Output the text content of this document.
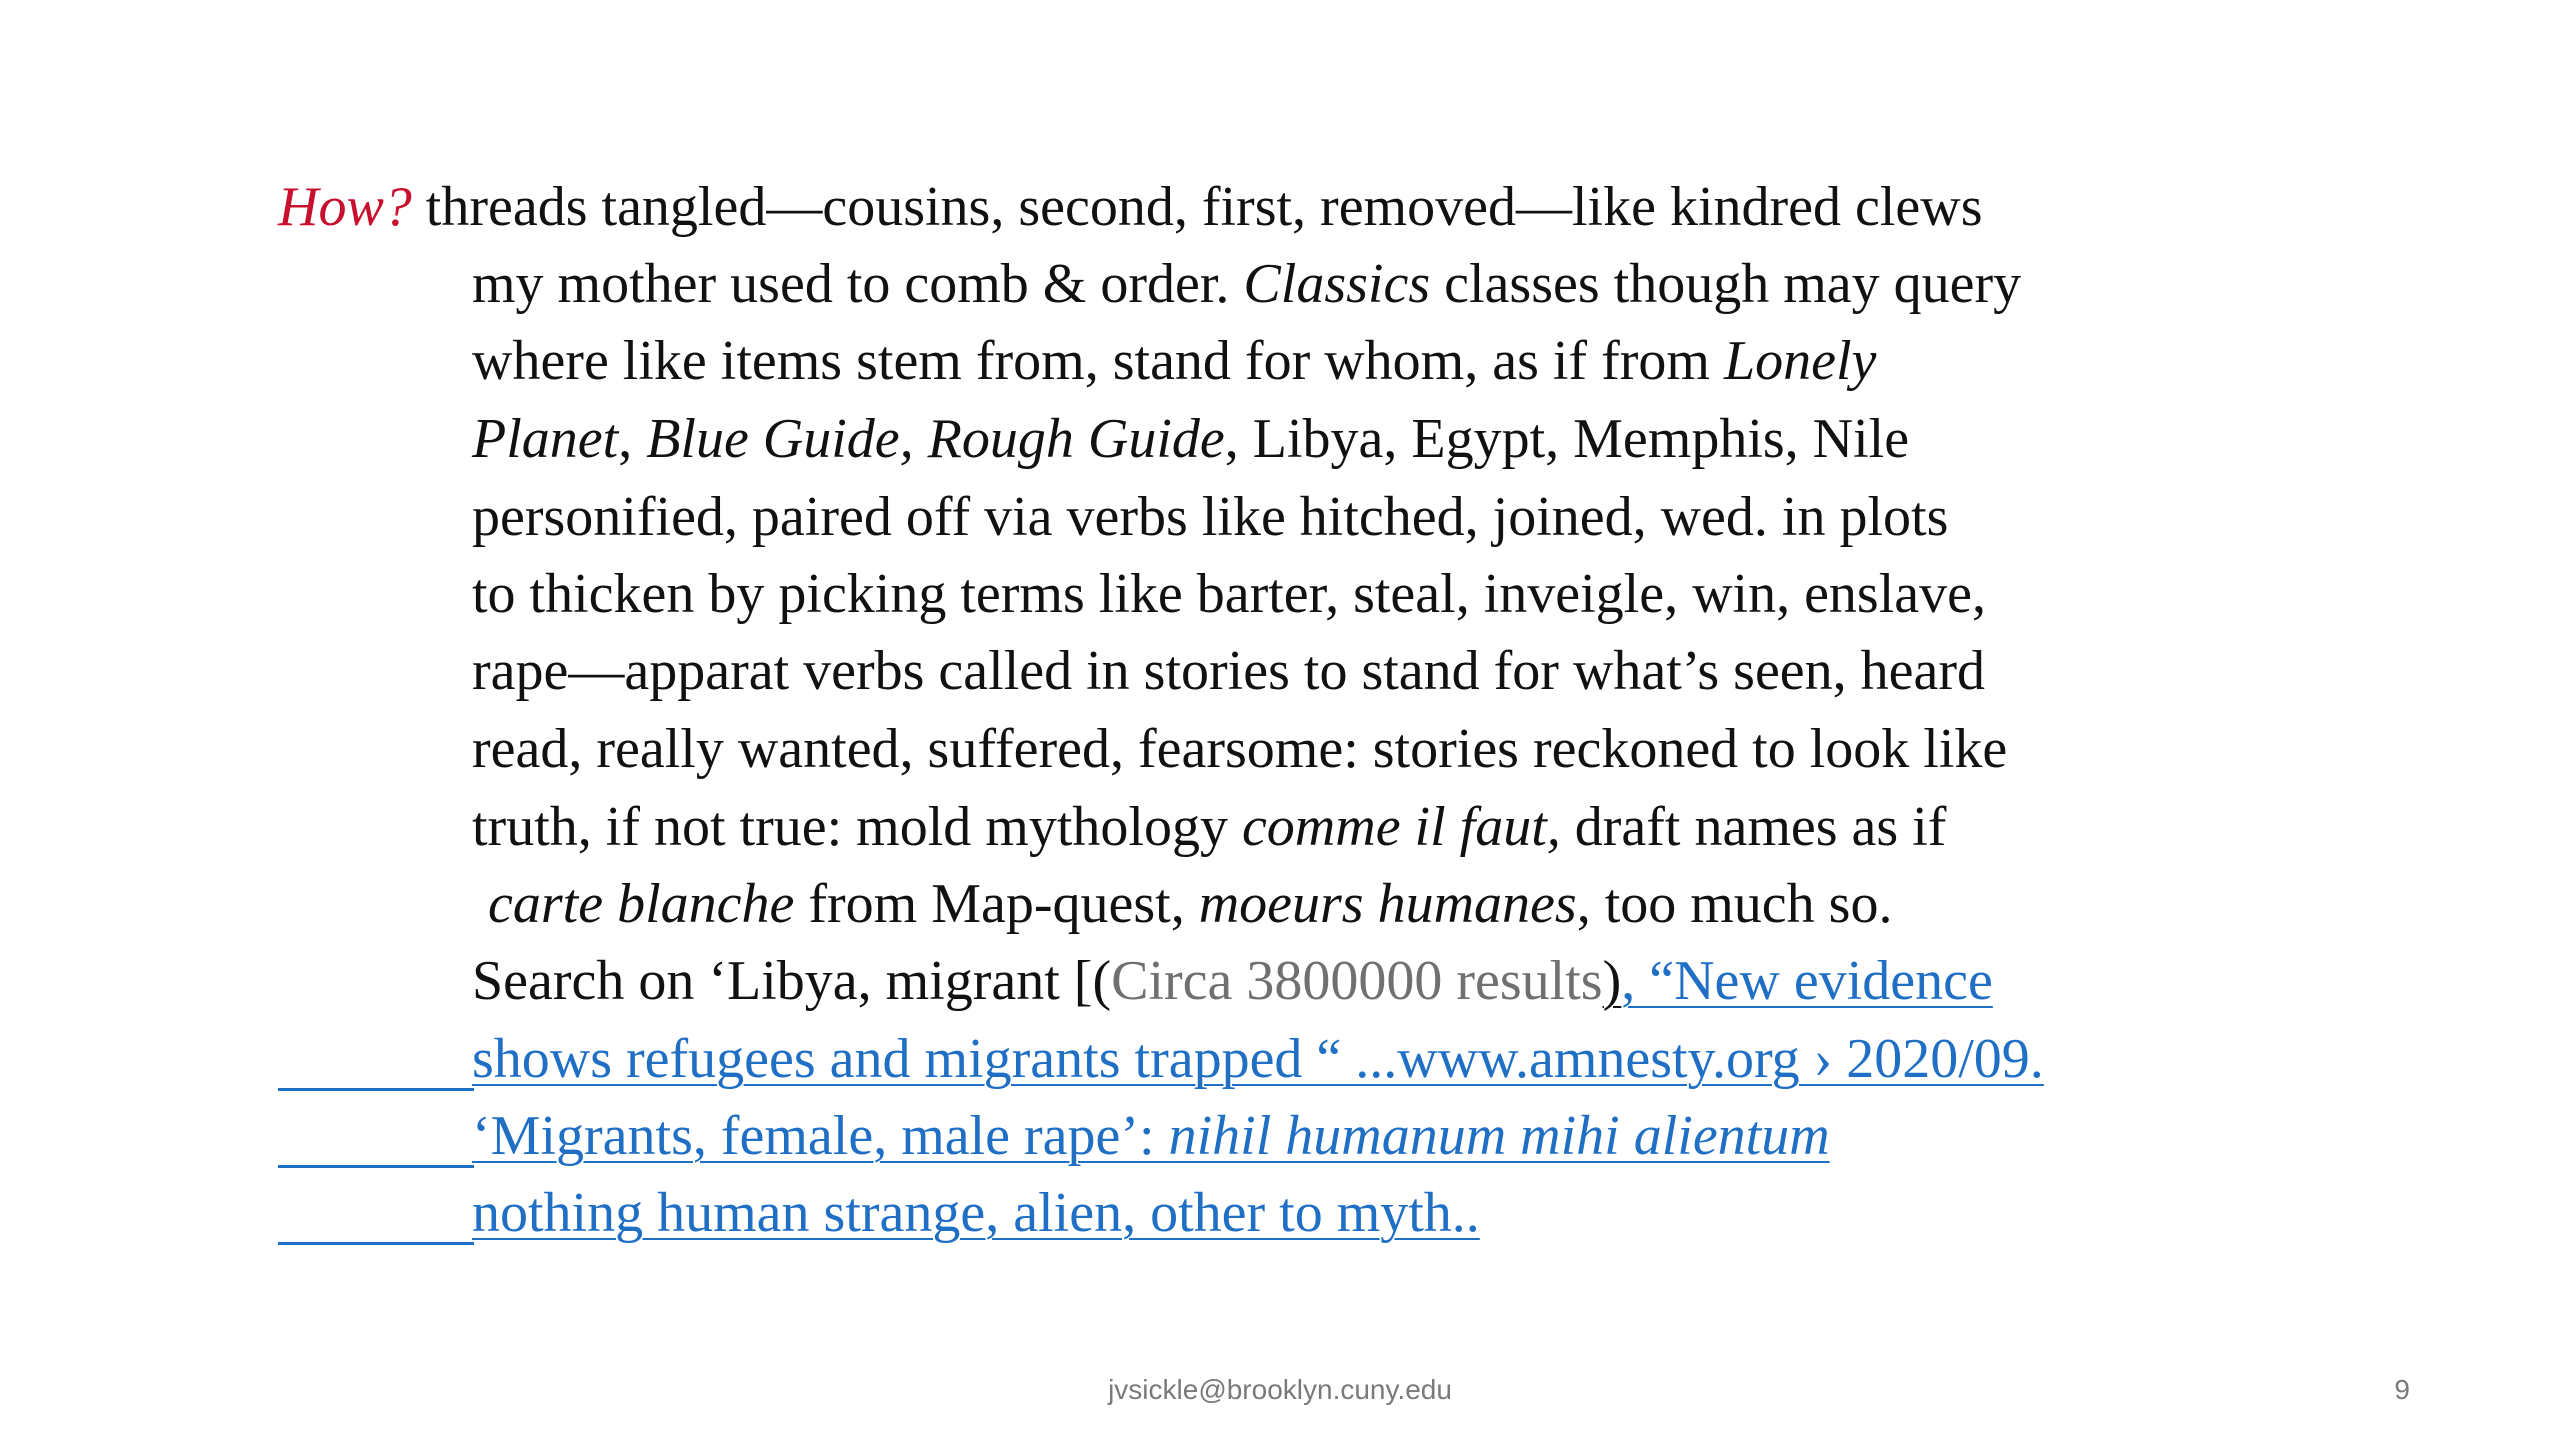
How? threads tangled—cousins, second, first, removed—like kindred clews
my mother used to comb & order. Classics classes though may query
where like items stem from, stand for whom, as if from Lonely
Planet, Blue Guide, Rough Guide, Libya, Egypt, Memphis, Nile
personified, paired off via verbs like hitched, joined, wed. in plots
to thicken by picking terms like barter, steal, inveigle, win, enslave,
rape—apparat verbs called in stories to stand for what’s seen, heard
read, really wanted, suffered, fearsome: stories reckoned to look like
truth, if not true: mold mythology comme il faut, draft names as if
carte blanche from Map-quest, moeurs humanes, too much so.
Search on ‘Libya, migrant [(Circa 3800000 results), “New evidence
shows refugees and migrants trapped “ ...www.amnesty.org › 2020/09.
‘Migrants, female, male rape’: nihil humanum mihi alientum
nothing human strange, alien, other to myth..
jvsickle@brooklyn.cuny.edu	9
